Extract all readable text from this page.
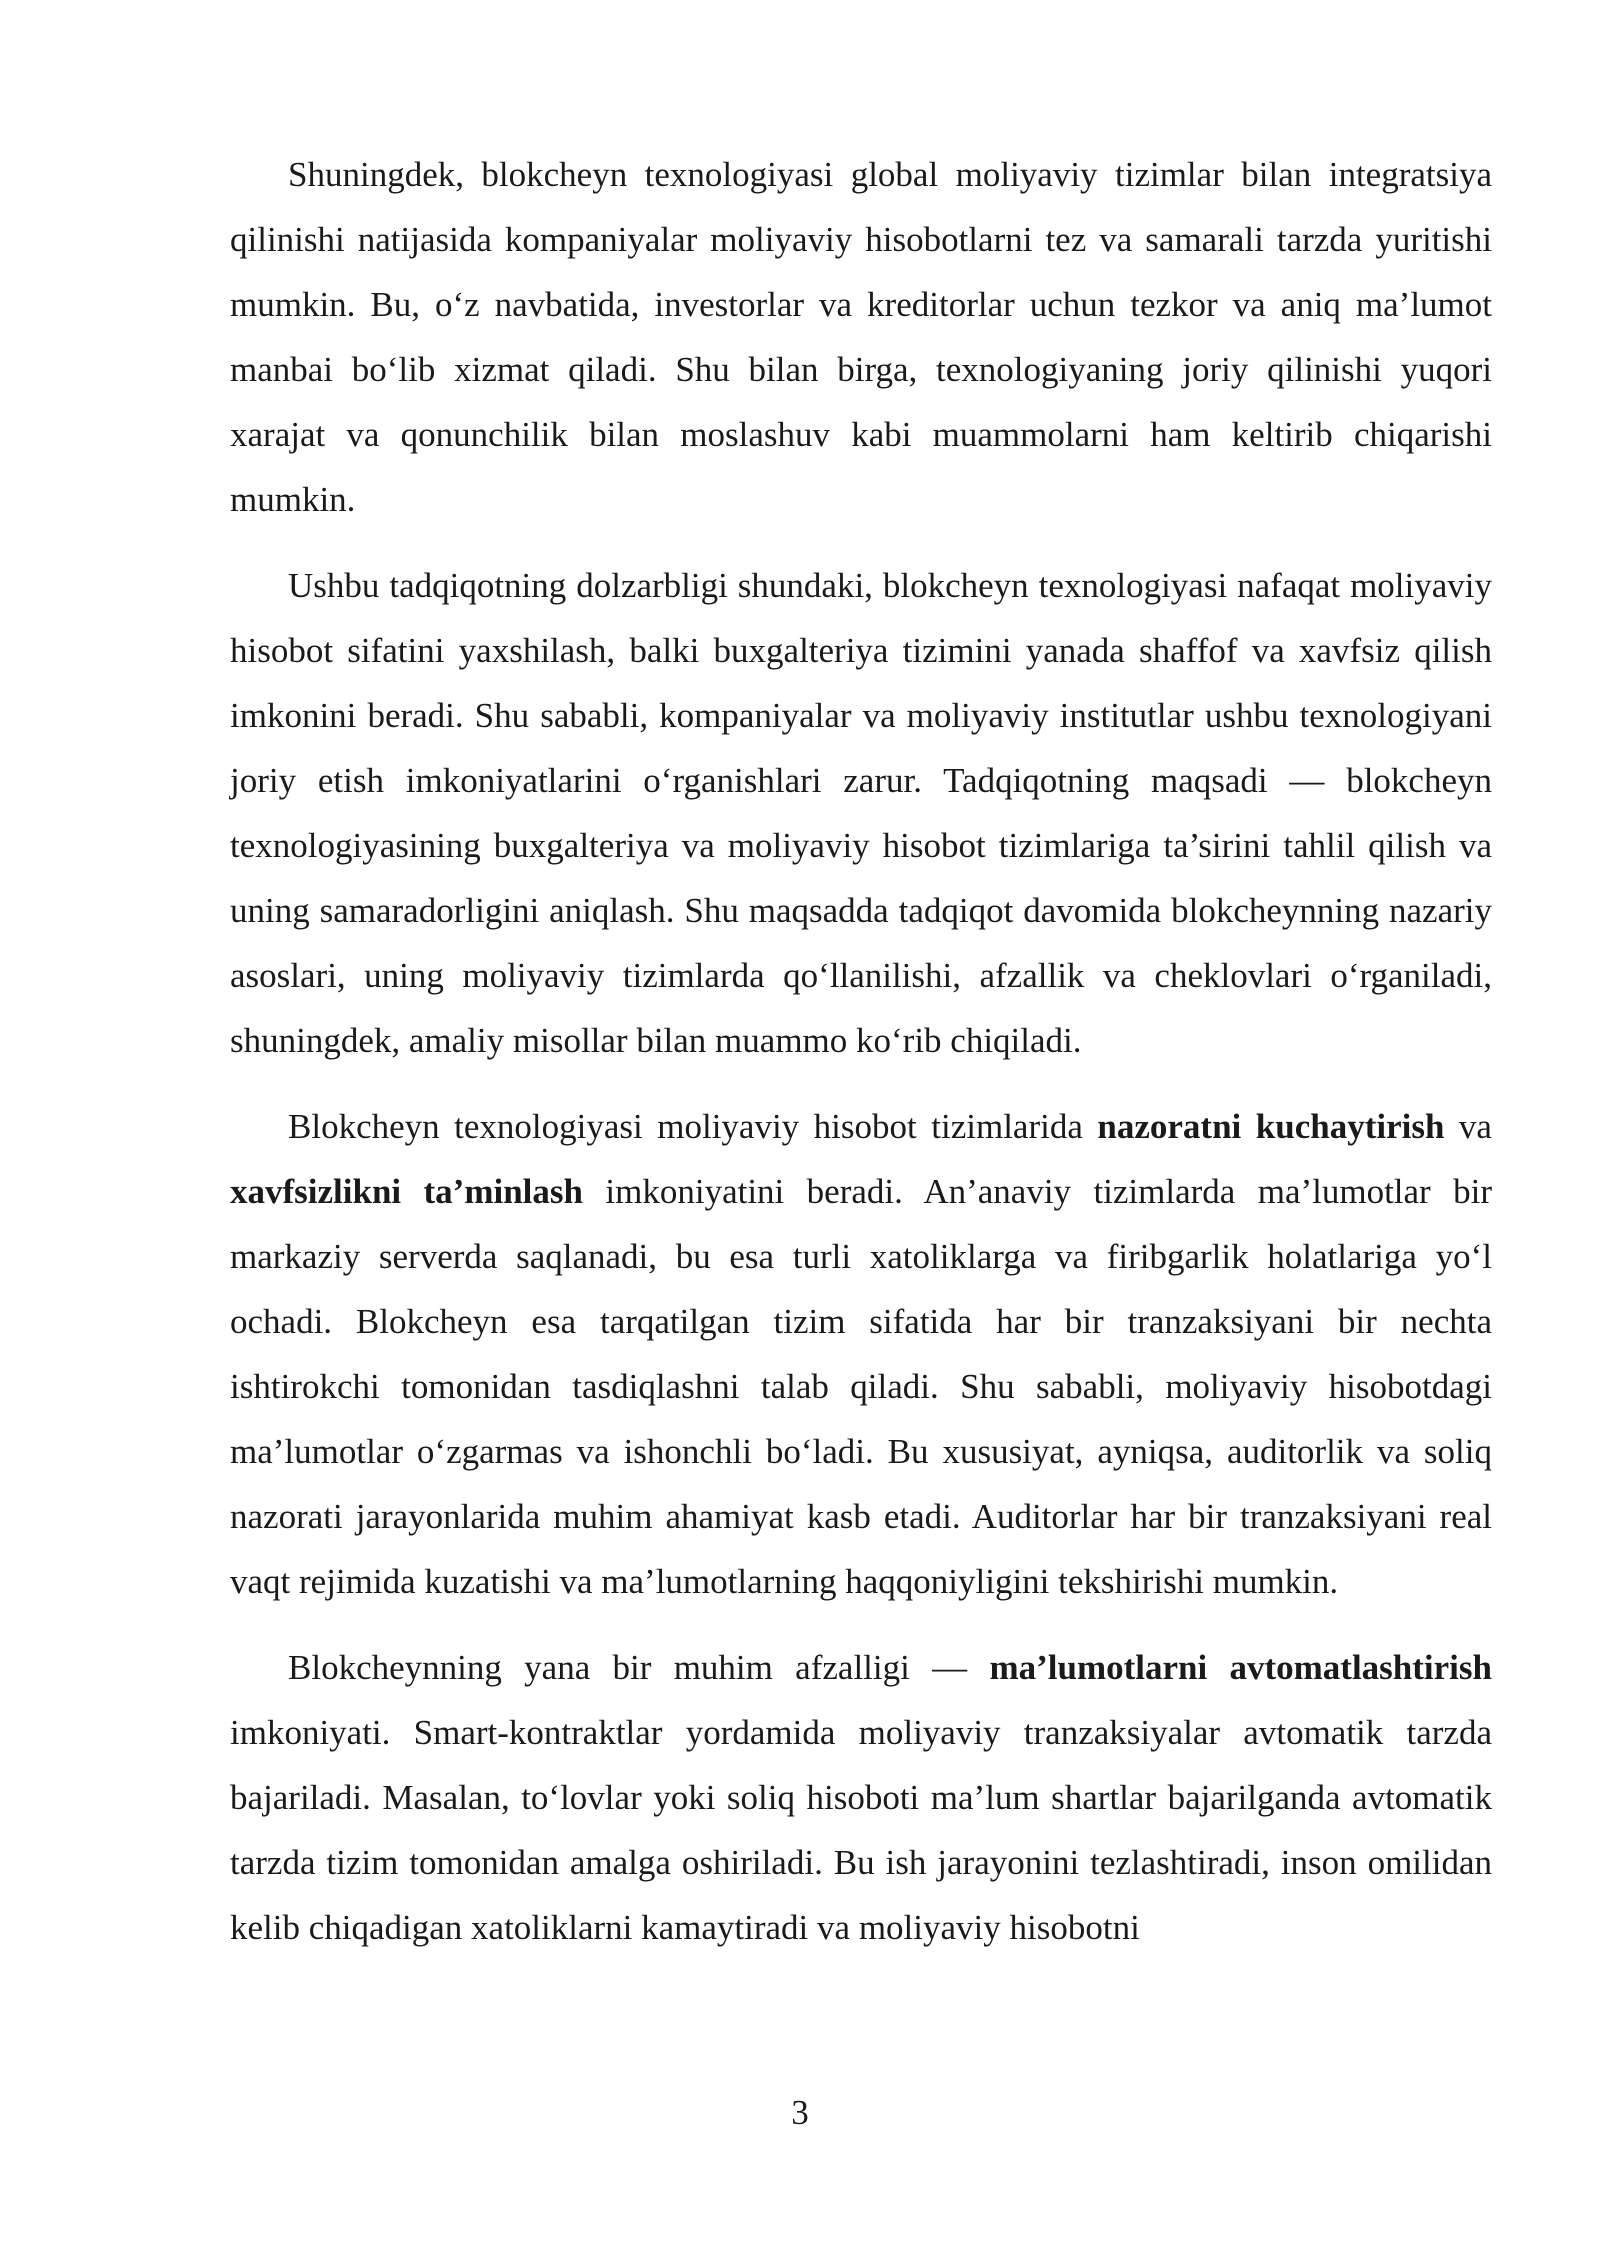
Shuningdek, blokcheyn texnologiyasi global moliyaviy tizimlar bilan integratsiya qilinishi natijasida kompaniyalar moliyaviy hisobotlarni tez va samarali tarzda yuritishi mumkin. Bu, o‘z navbatida, investorlar va kreditorlar uchun tezkor va aniq ma’lumot manbai bo‘lib xizmat qiladi. Shu bilan birga, texnologiyaning joriy qilinishi yuqori xarajat va qonunchilik bilan moslashuv kabi muammolarni ham keltirib chiqarishi mumkin.

Ushbu tadqiqotning dolzarbligi shundaki, blokcheyn texnologiyasi nafaqat moliyaviy hisobot sifatini yaxshilash, balki buxgalteriya tizimini yanada shaffof va xavfsiz qilish imkonini beradi. Shu sababli, kompaniyalar va moliyaviy institutlar ushbu texnologiyani joriy etish imkoniyatlarini o‘rganishlari zarur. Tadqiqotning maqsadi — blokcheyn texnologiyasining buxgalteriya va moliyaviy hisobot tizimlariga ta’sirini tahlil qilish va uning samaradorligini aniqlash. Shu maqsadda tadqiqot davomida blokcheynning nazariy asoslari, uning moliyaviy tizimlarda qo‘llanilishi, afzallik va cheklovlari o‘rganiladi, shuningdek, amaliy misollar bilan muammo ko‘rib chiqiladi.

Blokcheyn texnologiyasi moliyaviy hisobot tizimlarida nazoratni kuchaytirish va xavfsizlikni ta’minlash imkoniyatini beradi. An’anaviy tizimlarda ma’lumotlar bir markaziy serverda saqlanadi, bu esa turli xatoliklarga va firibgarlik holatlariga yo‘l ochadi. Blokcheyn esa tarqatilgan tizim sifatida har bir tranzaksiyani bir nechta ishtirokchi tomonidan tasdiqlashni talab qiladi. Shu sababli, moliyaviy hisobotdagi ma’lumotlar o‘zgarmas va ishonchli bo‘ladi. Bu xususiyat, ayniqsa, auditorlik va soliq nazorati jarayonlarida muhim ahamiyat kasb etadi. Auditorlar har bir tranzaksiyani real vaqt rejimida kuzatishi va ma’lumotlarning haqqoniyligini tekshirishi mumkin.

Blokcheynning yana bir muhim afzalligi — ma’lumotlarni avtomatlashtirish imkoniyati. Smart-kontraktlar yordamida moliyaviy tranzaksiyalar avtomatik tarzda bajariladi. Masalan, to‘lovlar yoki soliq hisoboti ma’lum shartlar bajarilganda avtomatik tarzda tizim tomonidan amalga oshiriladi. Bu ish jarayonini tezlashtiradi, inson omilidan kelib chiqadigan xatoliklarni kamaytiradi va moliyaviy hisobotni

3
